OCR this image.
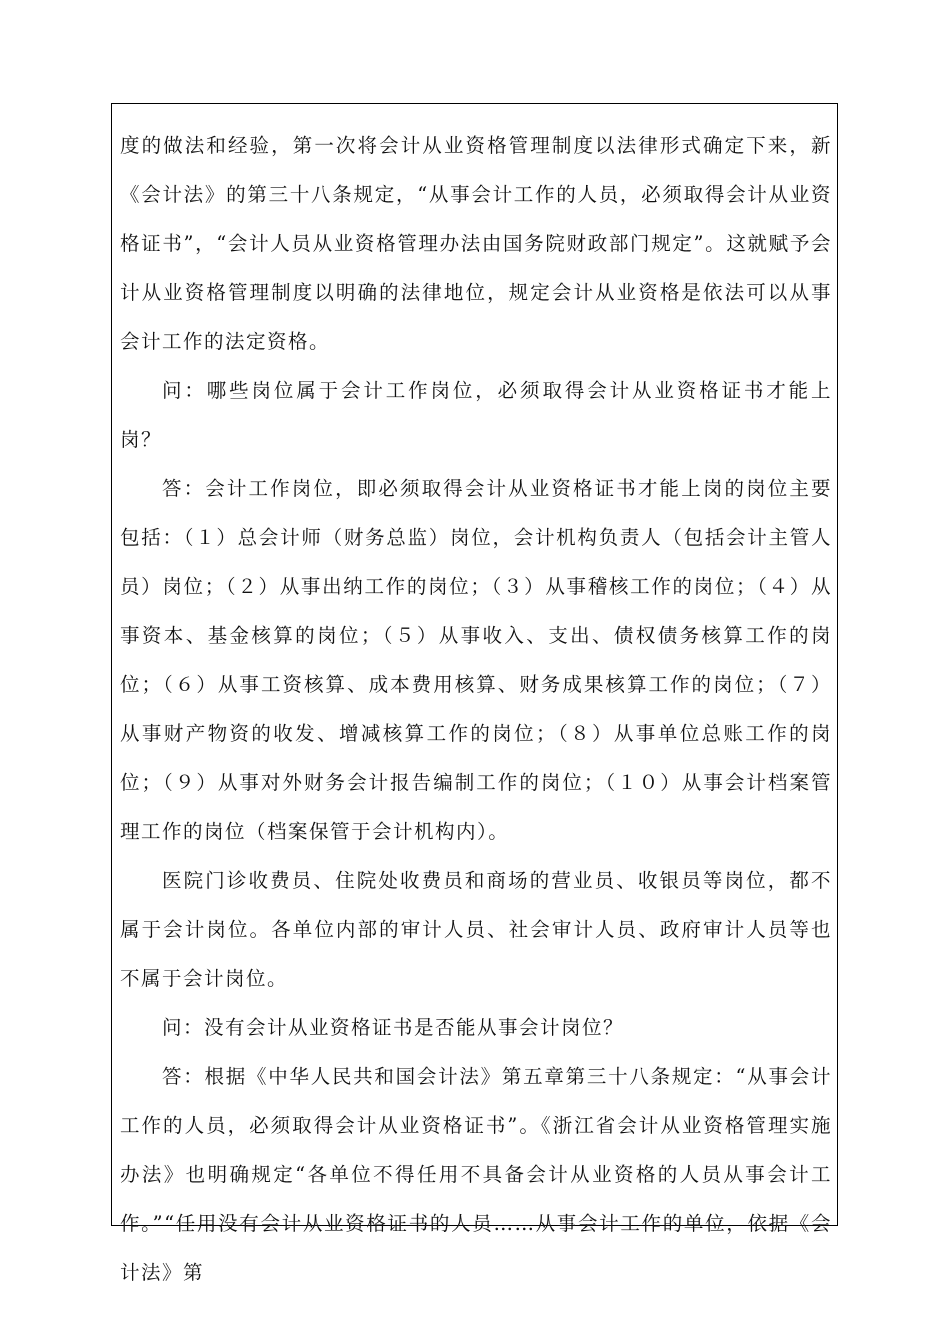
度的做法和经验，第一次将会计从业资格管理制度以法律形式确定下来，新《会计法》的第三十八条规定，“从事会计工作的人员，必须取得会计从业资格证书”，“会计人员从业资格管理办法由国务院财政部门规定”。这就赋予会计从业资格管理制度以明确的法律地位，规定会计从业资格是依法可以从事会计工作的法定资格。

问：哪些岗位属于会计工作岗位，必须取得会计从业资格证书才能上岗？

答：会计工作岗位，即必须取得会计从业资格证书才能上岗的岗位主要包括：（１）总会计师（财务总监）岗位，会计机构负责人（包括会计主管人员）岗位；（２）从事出纳工作的岗位；（３）从事稽核工作的岗位；（４）从事资本、基金核算的岗位；（５）从事收入、支出、债权债务核算工作的岗位；（６）从事工资核算、成本费用核算、财务成果核算工作的岗位；（７）从事财产物资的收发、增减核算工作的岗位；（８）从事单位总账工作的岗位；（９）从事对外财务会计报告编制工作的岗位；（１０）从事会计档案管理工作的岗位（档案保管于会计机构内）。

医院门诊收费员、住院处收费员和商场的营业员、收银员等岗位，都不属于会计岗位。各单位内部的审计人员、社会审计人员、政府审计人员等也不属于会计岗位。

问：没有会计从业资格证书是否能从事会计岗位？

答：根据《中华人民共和国会计法》第五章第三十八条规定：“从事会计工作的人员，必须取得会计从业资格证书”。《浙江省会计从业资格管理实施办法》也明确规定“各单位不得任用不具备会计从业资格的人员从事会计工作。”“任用没有会计从业资格证书的人员……从事会计工作的单位，依据《会计法》第
